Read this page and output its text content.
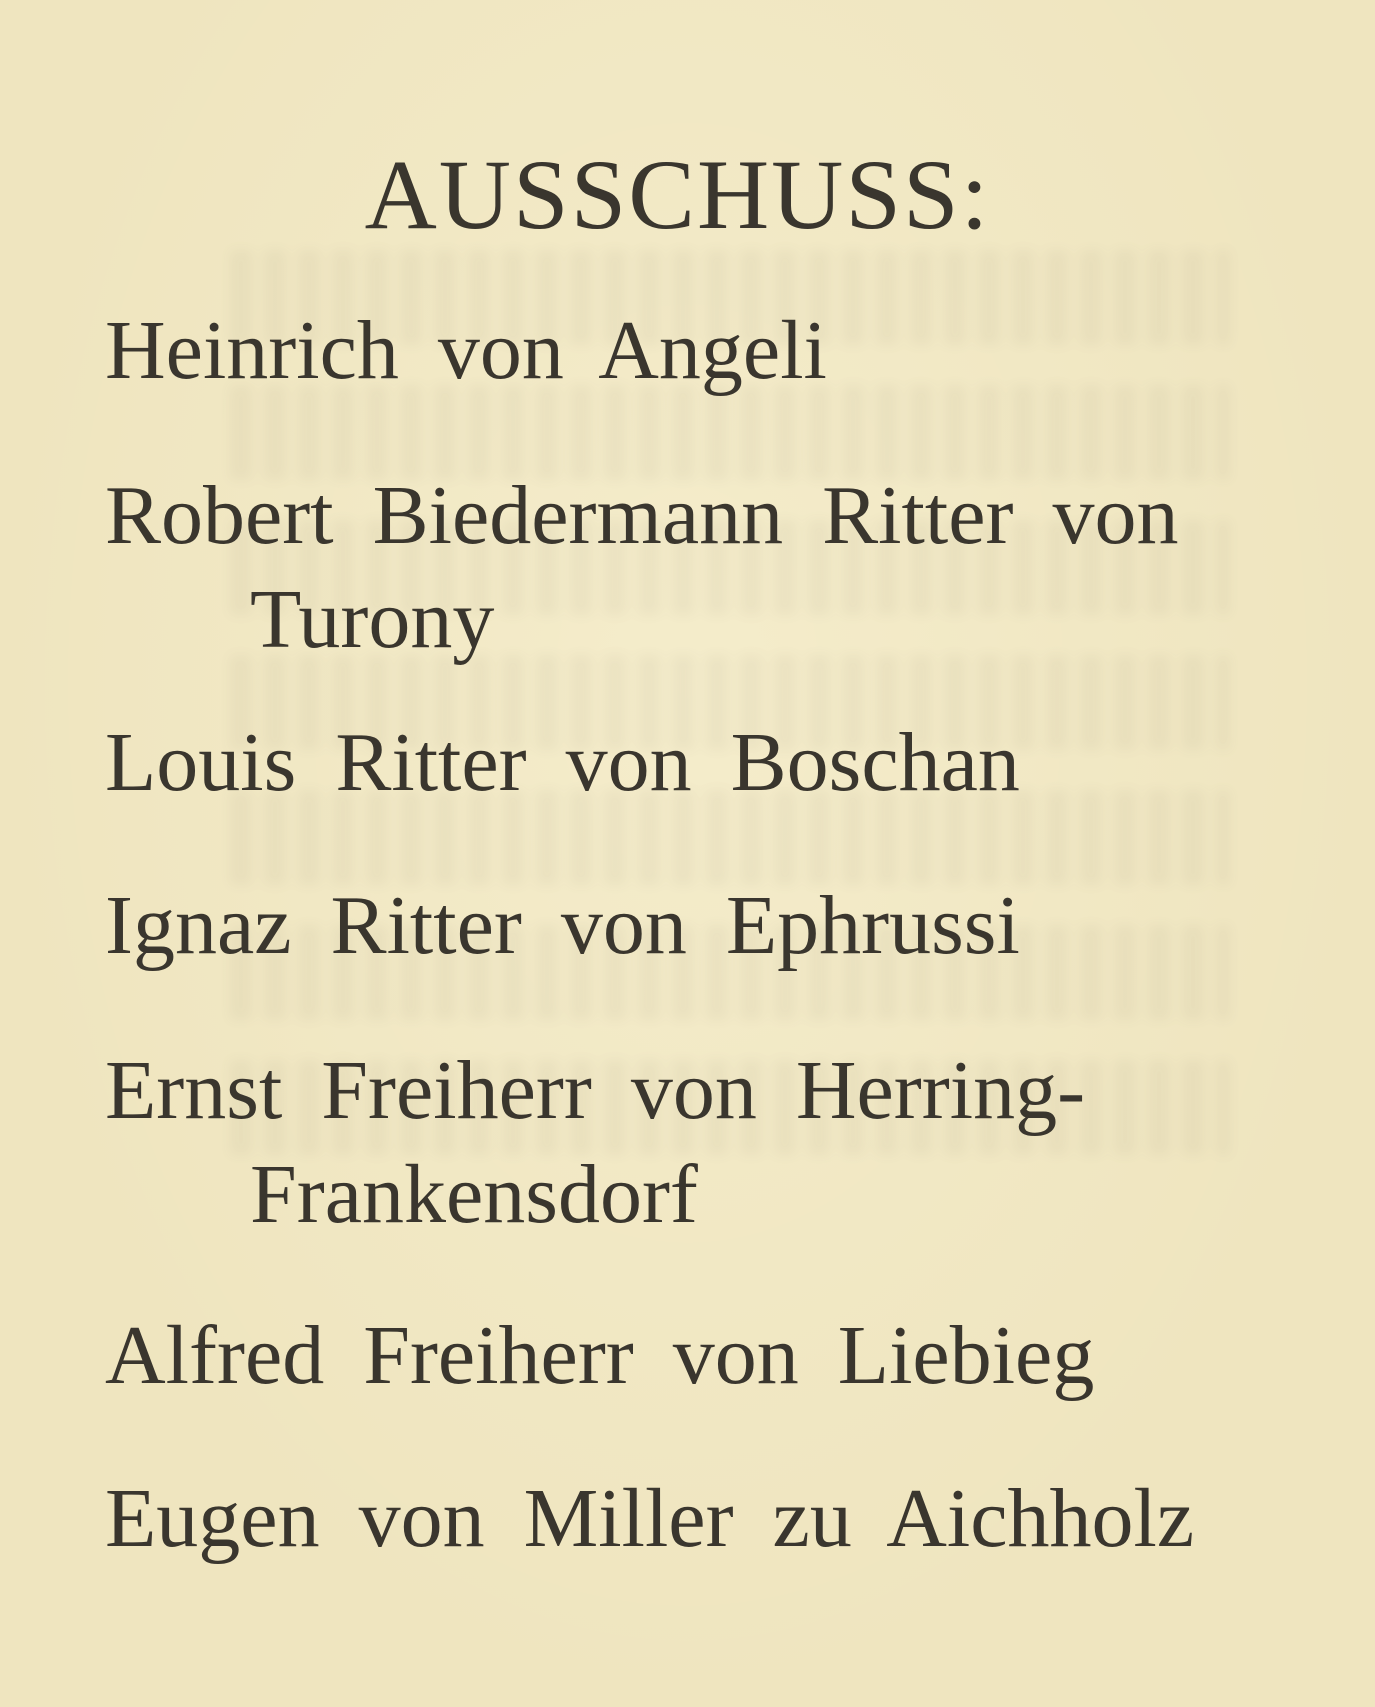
AUSSCHUSS:
Heinrich von Angeli
Robert Biedermann Ritter von
Turony
Louis Ritter von Boschan
Ignaz Ritter von Ephrussi
Ernst Freiherr von Herring-
Frankensdorf
Alfred Freiherr von Liebieg
Eugen von Miller zu Aichholz
